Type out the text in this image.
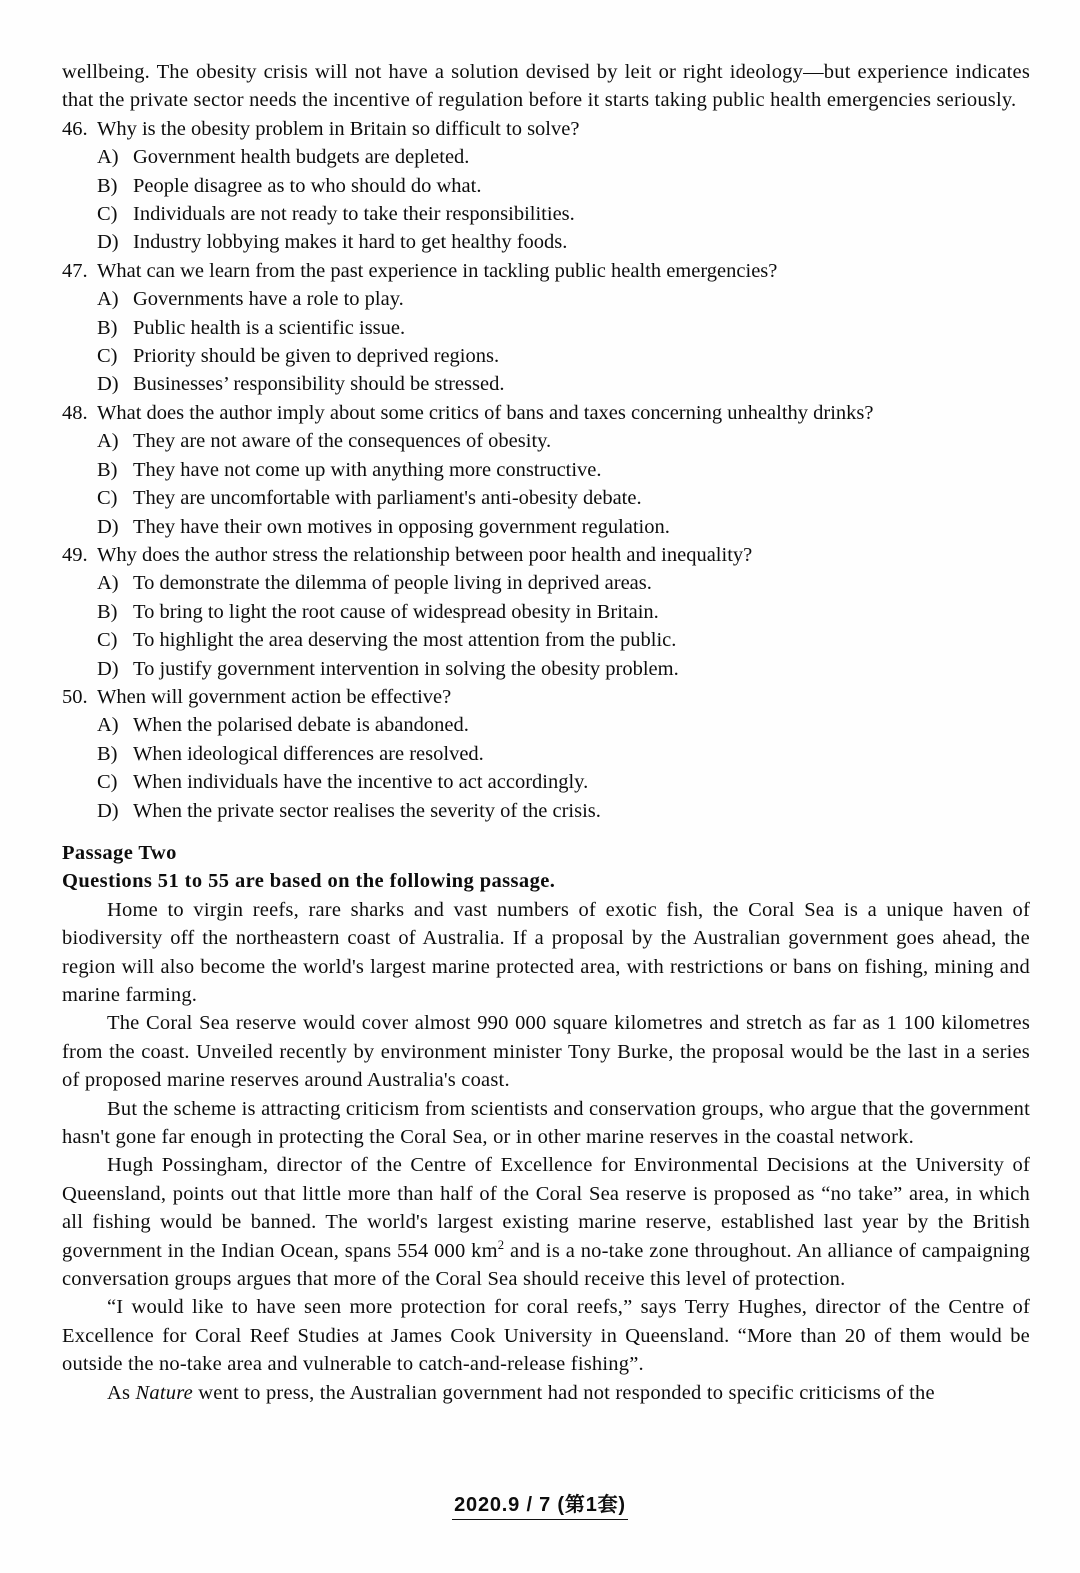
wellbeing. The obesity crisis will not have a solution devised by leit or right ideology—but experience indicates that the private sector needs the incentive of regulation before it starts taking public health emergencies seriously.

46. Why is the obesity problem in Britain so difficult to solve?
A) Government health budgets are depleted.
B) People disagree as to who should do what.
C) Individuals are not ready to take their responsibilities.
D) Industry lobbying makes it hard to get healthy foods.
47. What can we learn from the past experience in tackling public health emergencies?
A) Governments have a role to play.
B) Public health is a scientific issue.
C) Priority should be given to deprived regions.
D) Businesses’ responsibility should be stressed.
48. What does the author imply about some critics of bans and taxes concerning unhealthy drinks?
A) They are not aware of the consequences of obesity.
B) They have not come up with anything more constructive.
C) They are uncomfortable with parliament's anti-obesity debate.
D) They have their own motives in opposing government regulation.
49. Why does the author stress the relationship between poor health and inequality?
A) To demonstrate the dilemma of people living in deprived areas.
B) To bring to light the root cause of widespread obesity in Britain.
C) To highlight the area deserving the most attention from the public.
D) To justify government intervention in solving the obesity problem.
50. When will government action be effective?
A) When the polarised debate is abandoned.
B) When ideological differences are resolved.
C) When individuals have the incentive to act accordingly.
D) When the private sector realises the severity of the crisis.

Passage Two

Questions 51 to 55 are based on the following passage.

Home to virgin reefs, rare sharks and vast numbers of exotic fish, the Coral Sea is a unique haven of biodiversity off the northeastern coast of Australia. If a proposal by the Australian government goes ahead, the region will also become the world's largest marine protected area, with restrictions or bans on fishing, mining and marine farming.

The Coral Sea reserve would cover almost 990 000 square kilometres and stretch as far as 1 100 kilometres from the coast. Unveiled recently by environment minister Tony Burke, the proposal would be the last in a series of proposed marine reserves around Australia's coast.

But the scheme is attracting criticism from scientists and conservation groups, who argue that the government hasn't gone far enough in protecting the Coral Sea, or in other marine reserves in the coastal network.

Hugh Possingham, director of the Centre of Excellence for Environmental Decisions at the University of Queensland, points out that little more than half of the Coral Sea reserve is proposed as “no take” area, in which all fishing would be banned. The world's largest existing marine reserve, established last year by the British government in the Indian Ocean, spans 554 000 $km^2$ and is a no-take zone throughout. An alliance of campaigning conversation groups argues that more of the Coral Sea should receive this level of protection.

“I would like to have seen more protection for coral reefs,” says Terry Hughes, director of the Centre of Excellence for Coral Reef Studies at James Cook University in Queensland. “More than 20 of them would be outside the no-take area and vulnerable to catch-and-release fishing”.

As Nature went to press, the Australian government had not responded to specific criticisms of the

2020.9 / 7 (第1套)
